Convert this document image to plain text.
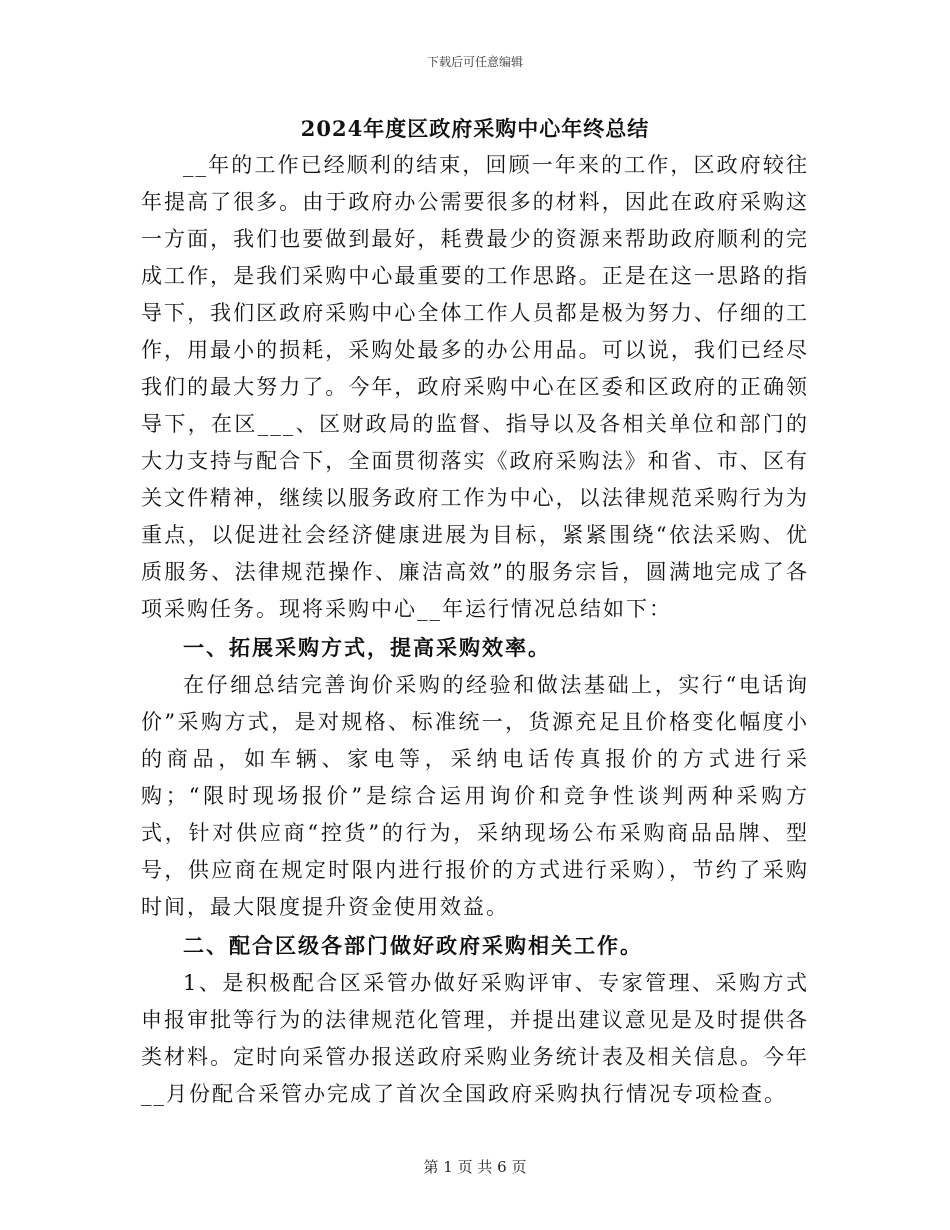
下载后可任意编辑
2024年度区政府采购中心年终总结

__年的工作已经顺利的结束，回顾一年来的工作，区政府较往年提高了很多。由于政府办公需要很多的材料，因此在政府采购这一方面，我们也要做到最好，耗费最少的资源来帮助政府顺利的完成工作，是我们采购中心最重要的工作思路。正是在这一思路的指导下，我们区政府采购中心全体工作人员都是极为努力、仔细的工作，用最小的损耗，采购处最多的办公用品。可以说，我们已经尽我们的最大努力了。今年，政府采购中心在区委和区政府的正确领导下，在区___、区财政局的监督、指导以及各相关单位和部门的大力支持与配合下，全面贯彻落实《政府采购法》和省、市、区有关文件精神，继续以服务政府工作为中心，以法律规范采购行为为重点，以促进社会经济健康进展为目标，紧紧围绕“依法采购、优质服务、法律规范操作、廉洁高效”的服务宗旨，圆满地完成了各项采购任务。现将采购中心__年运行情况总结如下：

一、拓展采购方式，提高采购效率。

在仔细总结完善询价采购的经验和做法基础上，实行“电话询价”采购方式，是对规格、标准统一，货源充足且价格变化幅度小的商品，如车辆、家电等，采纳电话传真报价的方式进行采购；“限时现场报价”是综合运用询价和竞争性谈判两种采购方式，针对供应商“控货”的行为，采纳现场公布采购商品品牌、型号，供应商在规定时限内进行报价的方式进行采购），节约了采购时间，最大限度提升资金使用效益。

二、配合区级各部门做好政府采购相关工作。

1、是积极配合区采管办做好采购评审、专家管理、采购方式申报审批等行为的法律规范化管理，并提出建议意见是及时提供各类材料。定时向采管办报送政府采购业务统计表及相关信息。今年__月份配合采管办完成了首次全国政府采购执行情况专项检查。

第 1 页 共 6 页
